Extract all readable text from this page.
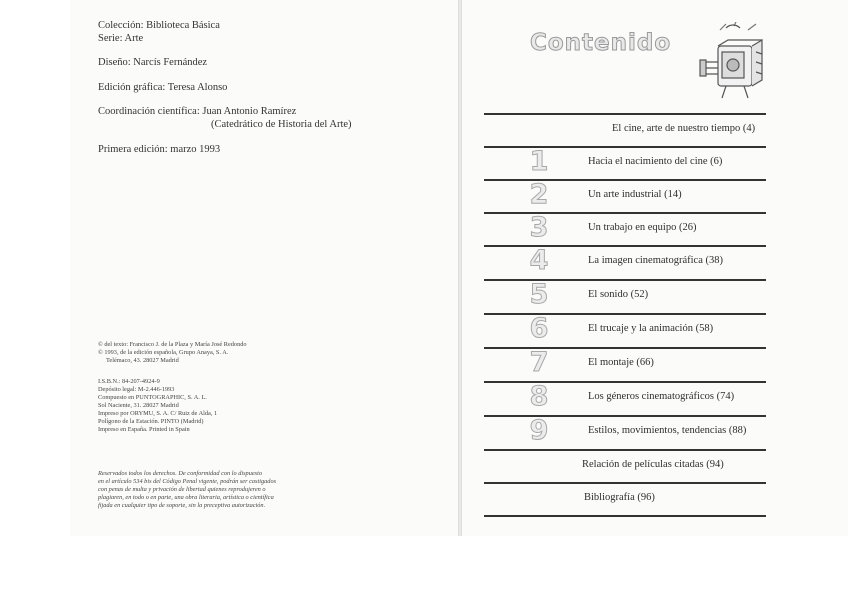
Colección: Biblioteca Básica
Serie: Arte
Diseño: Narcís Fernández
Edición gráfica: Teresa Alonso
Coordinación científica: Juan Antonio Ramírez
(Catedrático de Historia del Arte)
Primera edición: marzo 1993
© del texto: Francisco J. de la Plaza y María José Redondo
© 1993, de la edición española, Grupo Anaya, S. A.
Telémaco, 43. 28027 Madrid
I.S.B.N.: 84-207-4924-9
Depósito legal: M-2.446-1993
Compuesto en PUNTOGRAPHIC, S. A. L.
Sol Naciente, 31. 28027 Madrid
Impreso por ORYMU, S. A. C/ Ruiz de Alda, 1
Polígono de la Estación. PINTO (Madrid)
Impreso en España. Printed in Spain
Reservados todos los derechos. De conformidad con lo dispuesto
en el artículo 534 bis del Código Penal vigente, podrán ser castigados
con penas de multa y privación de libertad quienes reprodujeren o
plagiaren, en todo o en parte, una obra literaria, artística o científica
fijada en cualquier tipo de soporte, sin la preceptiva autorización.
Contenido
El cine, arte de nuestro tiempo (4)
1	Hacia el nacimiento del cine (6)
2	Un arte industrial (14)
3	Un trabajo en equipo (26)
4	La imagen cinematográfica (38)
5	El sonido (52)
6	El trucaje y la animación (58)
7	El montaje (66)
8	Los géneros cinematográficos (74)
9	Estilos, movimientos, tendencias (88)
Relación de películas citadas (94)
Bibliografía (96)
